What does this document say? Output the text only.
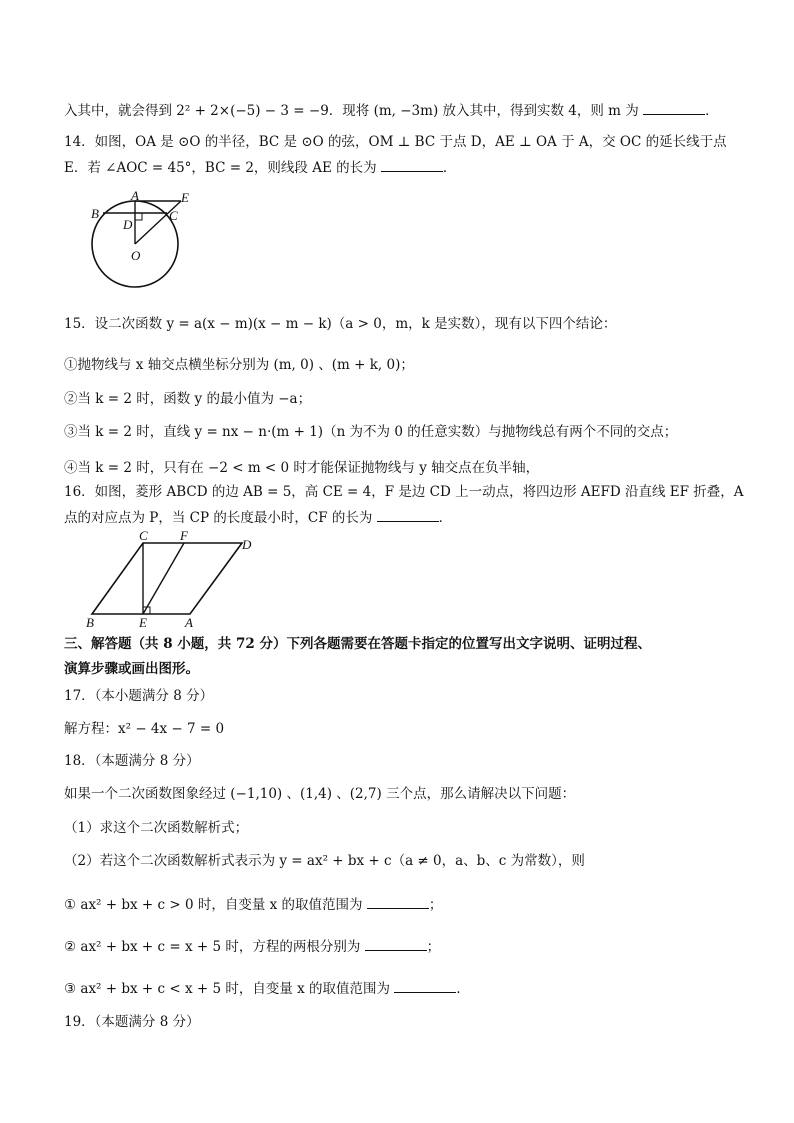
入其中，就会得到 2² + 2×(−5) − 3 = −9．现将 (m, −3m) 放入其中，得到实数 4，则 m 为	．
14．如图，OA 是 ⊙O 的半径，BC 是 ⊙O 的弦，OM ⊥ BC 于点 D，AE ⊥ OA 于 A，交 OC 的延长线于点
E．若 ∠AOC = 45°，BC = 2，则线段 AE 的长为	．
A
B	C
D
E
O
15．设二次函数 y = a(x − m)(x − m − k)（a > 0，m，k 是实数），现有以下四个结论：
①抛物线与 x 轴交点横坐标分别为 (m, 0) 、(m + k, 0)；
②当 k = 2 时，函数 y 的最小值为 −a；
③当 k = 2 时，直线 y = nx − n·(m + 1)（n 为不为 0 的任意实数）与抛物线总有两个不同的交点；
④当 k = 2 时，只有在 −2 < m < 0 时才能保证抛物线与 y 轴交点在负半轴，
16．如图，菱形 ABCD 的边 AB = 5，高 CE = 4，F 是边 CD 上一动点，将四边形 AEFD 沿直线 EF 折叠，A
点的对应点为 P，当 CP 的长度最小时，CF 的长为	．
C F
D
B	E	A
三、解答题（共 8 小题，共 72 分）下列各题需要在答题卡指定的位置写出文字说明、证明过程、
演算步骤或画出图形。
17．（本小题满分 8 分）
解方程：x² − 4x − 7 = 0
18．（本题满分 8 分）
如果一个二次函数图象经过 (−1,10) 、(1,4) 、(2,7) 三个点，那么请解决以下问题：
（1）求这个二次函数解析式；
（2）若这个二次函数解析式表示为 y = ax² + bx + c（a ≠ 0，a、b、c 为常数），则
① ax² + bx + c > 0 时，自变量 x 的取值范围为	；
② ax² + bx + c = x + 5 时，方程的两根分别为	；
③ ax² + bx + c < x + 5 时，自变量 x 的取值范围为	．
19．（本题满分 8 分）
